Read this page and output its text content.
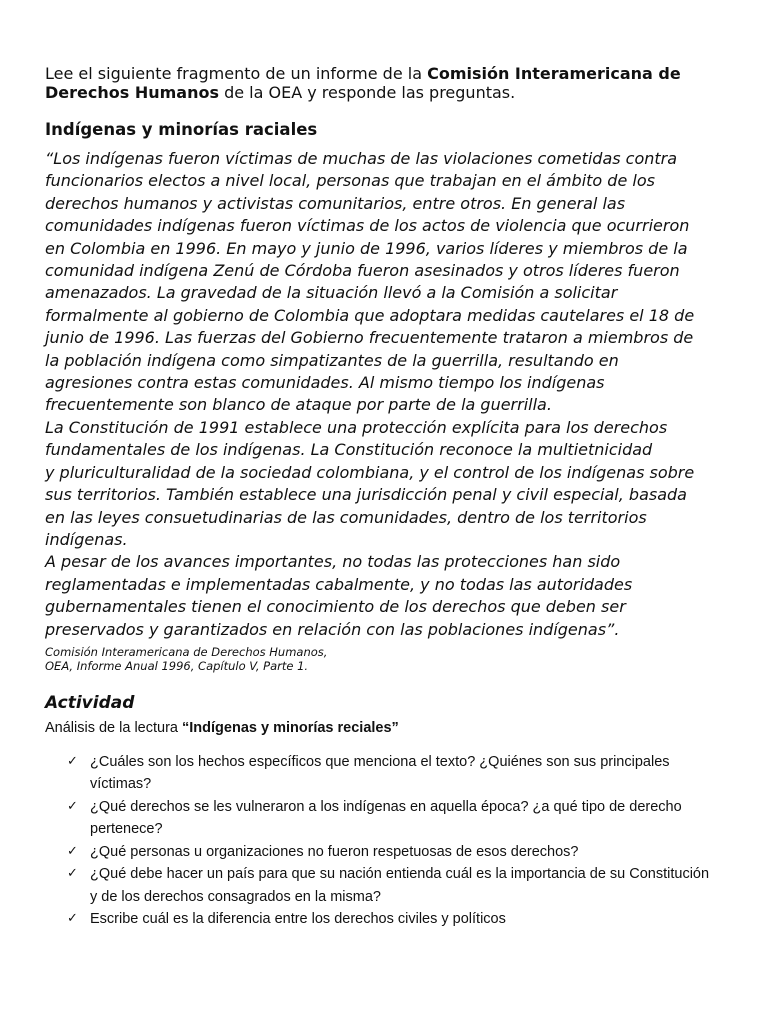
Lee el siguiente fragmento de un informe de la Comisión Interamericana de
Derechos Humanos de la OEA y responde las preguntas.

Indígenas y minorías raciales

“Los indígenas fueron víctimas de muchas de las violaciones cometidas contra

funcionarios electos a nivel local, personas que trabajan en el ámbito de los

derechos humanos y activistas comunitarios, entre otros. En general las

comunidades indígenas fueron víctimas de los actos de violencia que ocurrieron

en Colombia en 1996. En mayo y junio de 1996, varios líderes y miembros de la

comunidad indígena Zenú de Córdoba fueron asesinados y otros líderes fueron

amenazados. La gravedad de la situación llevó a la Comisión a solicitar

formalmente al gobierno de Colombia que adoptara medidas cautelares el 18 de

junio de 1996. Las fuerzas del Gobierno frecuentemente trataron a miembros de

la población indígena como simpatizantes de la guerrilla, resultando en

agresiones contra estas comunidades. Al mismo tiempo los indígenas

frecuentemente son blanco de ataque por parte de la guerrilla.

La Constitución de 1991 establece una protección explícita para los derechos

fundamentales de los indígenas. La Constitución reconoce la multietnicidad

y pluriculturalidad de la sociedad colombiana, y el control de los indígenas sobre

sus territorios. También establece una jurisdicción penal y civil especial, basada

en las leyes consuetudinarias de las comunidades, dentro de los territorios

indígenas.

A pesar de los avances importantes, no todas las protecciones han sido

reglamentadas e implementadas cabalmente, y no todas las autoridades

gubernamentales tienen el conocimiento de los derechos que deben ser

preservados y garantizados en relación con las poblaciones indígenas”.

Comisión Interamericana de Derechos Humanos,
OEA, Informe Anual 1996, Capítulo V, Parte 1.
Actividad

Análisis de la lectura “Indígenas y minorías reciales”

✓ ¿Cuáles son los hechos específicos que menciona el texto? ¿Quiénes son sus principales
víctimas?
✓ ¿Qué derechos se les vulneraron a los indígenas en aquella época? ¿a qué tipo de derecho
pertenece?
✓ ¿Qué personas u organizaciones no fueron respetuosas de esos derechos?
✓ ¿Qué debe hacer un país para que su nación entienda cuál es la importancia de su Constitución
y de los derechos consagrados en la misma?
✓ Escribe cuál es la diferencia entre los derechos civiles y políticos
